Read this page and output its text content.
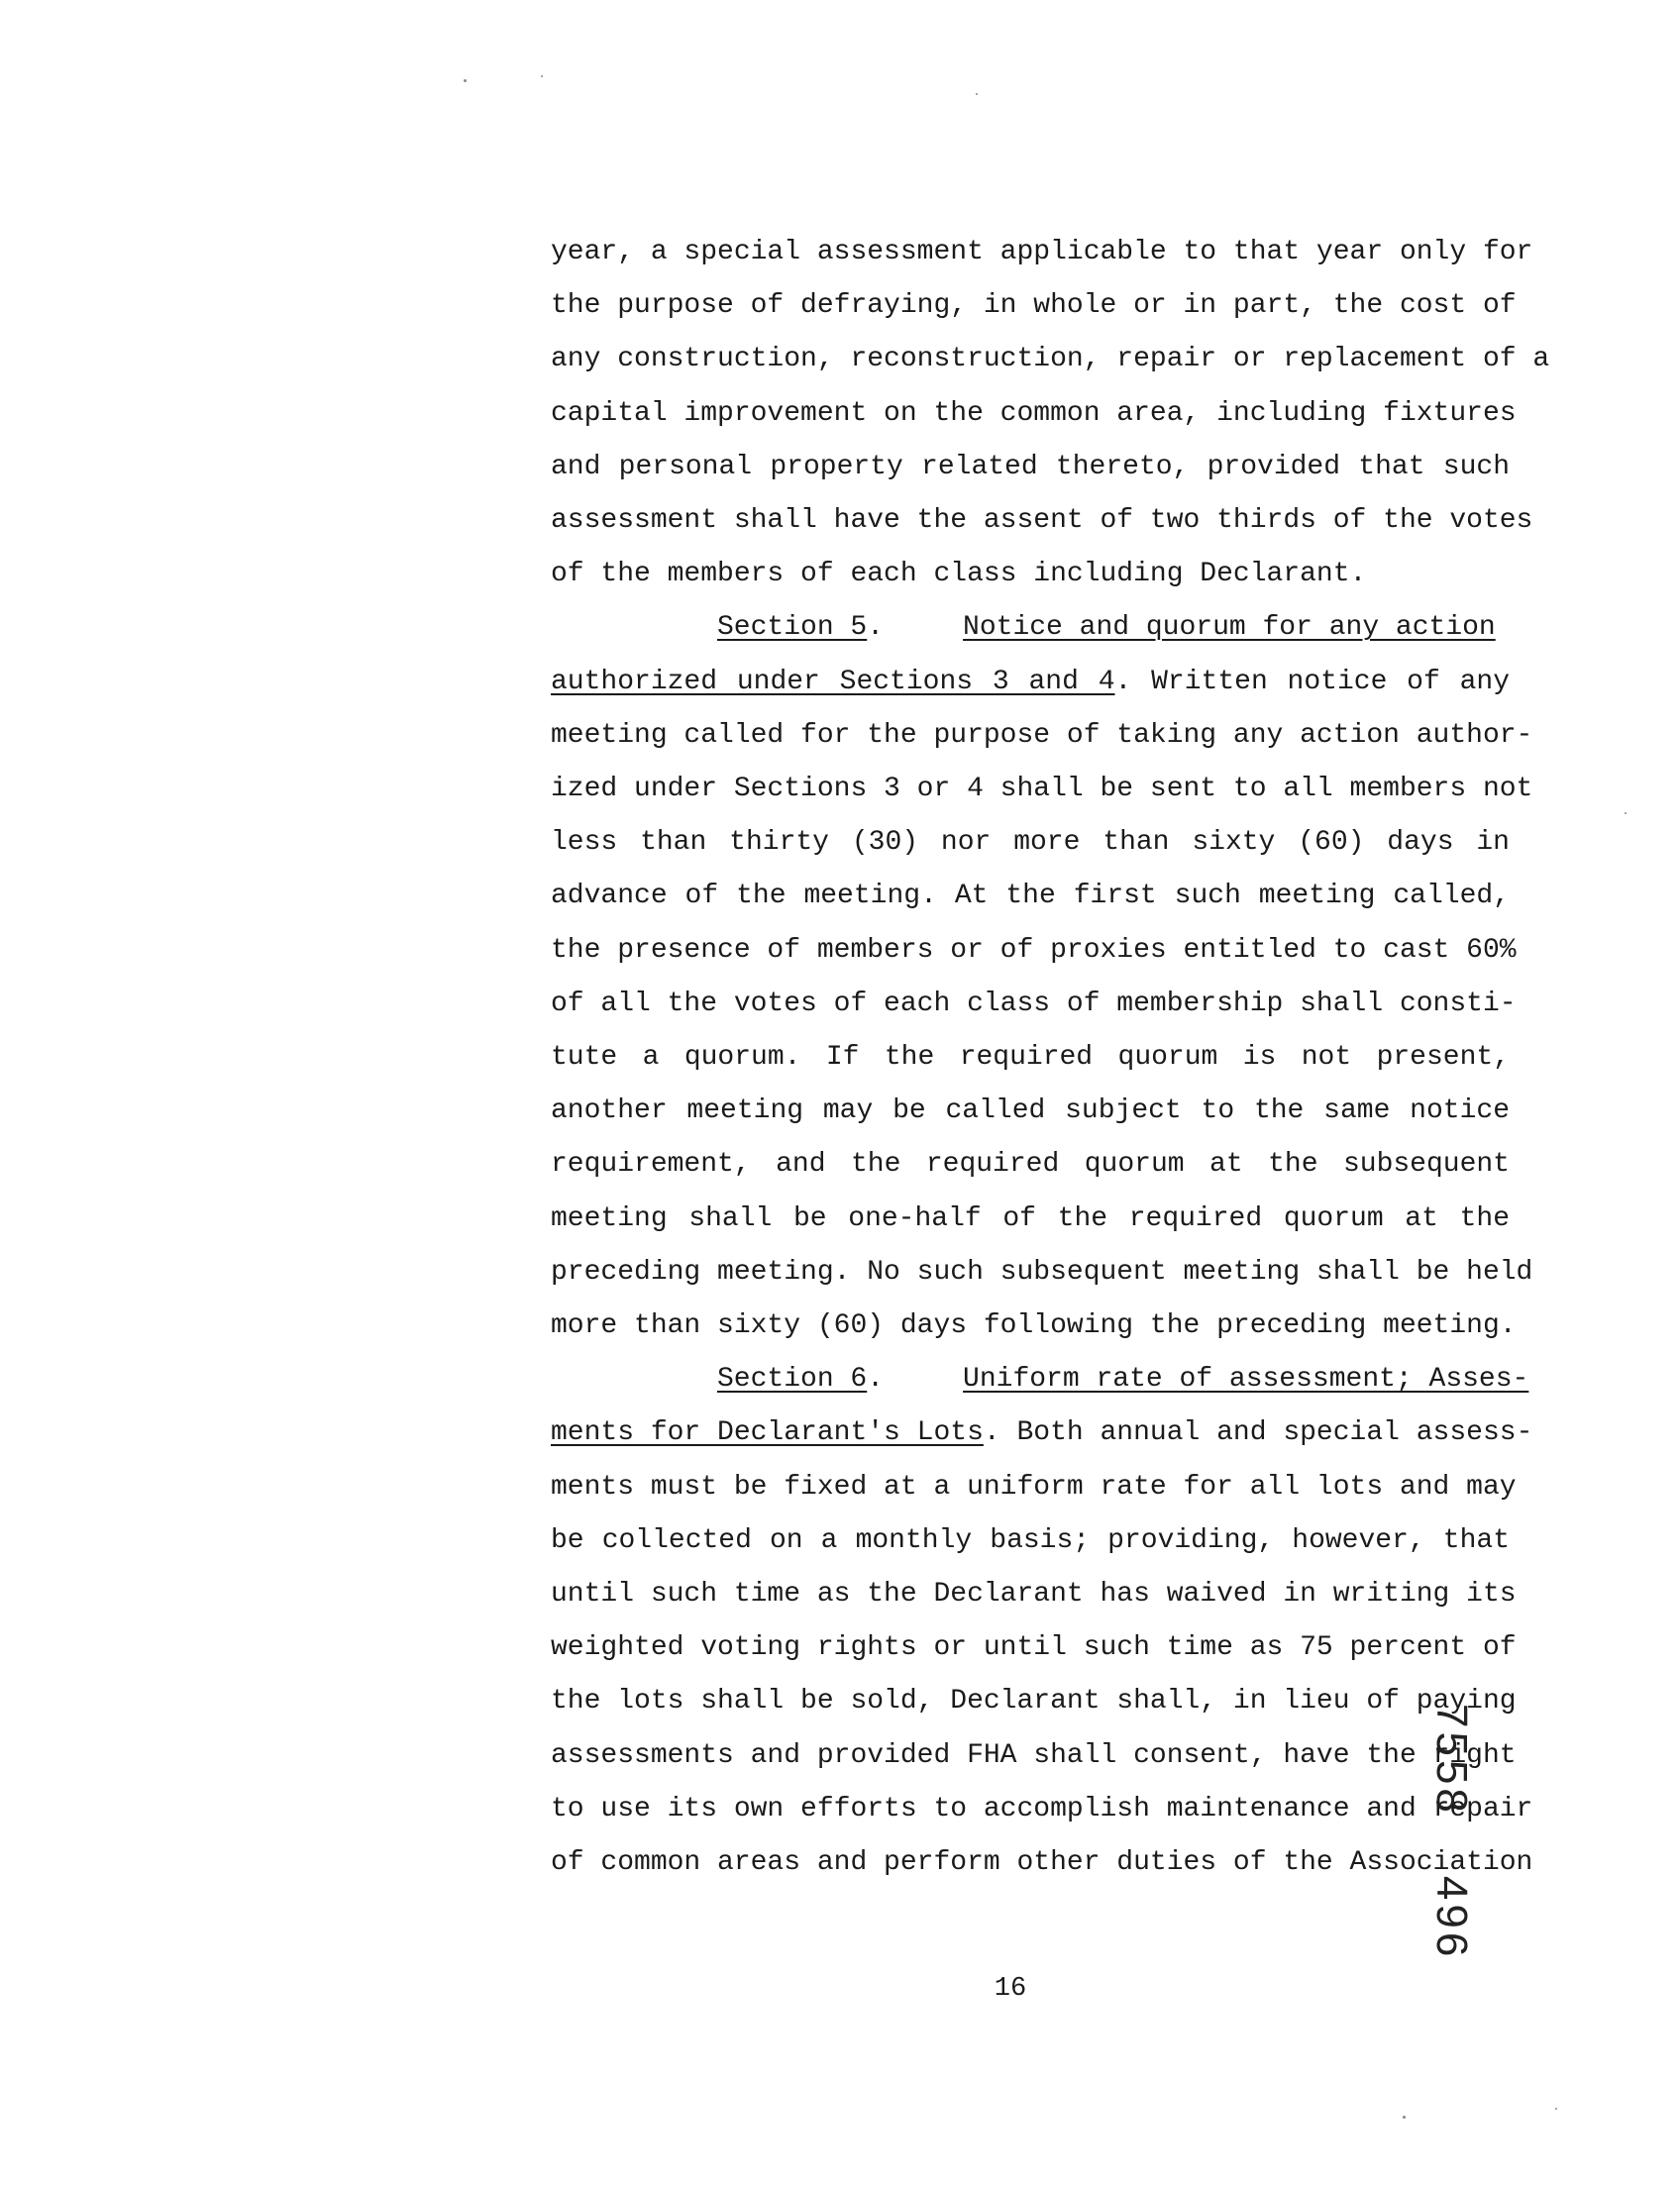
year, a special assessment applicable to that year only for
the purpose of defraying, in whole or in part, the cost of
any construction, reconstruction, repair or replacement of a
capital improvement on the common area, including fixtures
and personal property related thereto, provided that such
assessment shall have the assent of two thirds of the votes
of the members of each class including Declarant.
Section 5.	Notice and quorum for any action
authorized under Sections 3 and 4. Written notice of any
meeting called for the purpose of taking any action author-
ized under Sections 3 or 4 shall be sent to all members not
less than thirty (30) nor more than sixty (60) days in
advance of the meeting. At the first such meeting called,
the presence of members or of proxies entitled to cast 60%
of all the votes of each class of membership shall consti-
tute a quorum. If the required quorum is not present,
another meeting may be called subject to the same notice
requirement, and the required quorum at the subsequent
meeting shall be one-half of the required quorum at the
preceding meeting. No such subsequent meeting shall be held
more than sixty (60) days following the preceding meeting.
Section 6.	Uniform rate of assessment; Asses-
ments for Declarant's Lots. Both annual and special assess-
ments must be fixed at a uniform rate for all lots and may
be collected on a monthly basis; providing, however, that
until such time as the Declarant has waived in writing its
weighted voting rights or until such time as 75 percent of
the lots shall be sold, Declarant shall, in lieu of paying
assessments and provided FHA shall consent, have the right
to use its own efforts to accomplish maintenance and repair
of common areas and perform other duties of the Association
16
7558496
